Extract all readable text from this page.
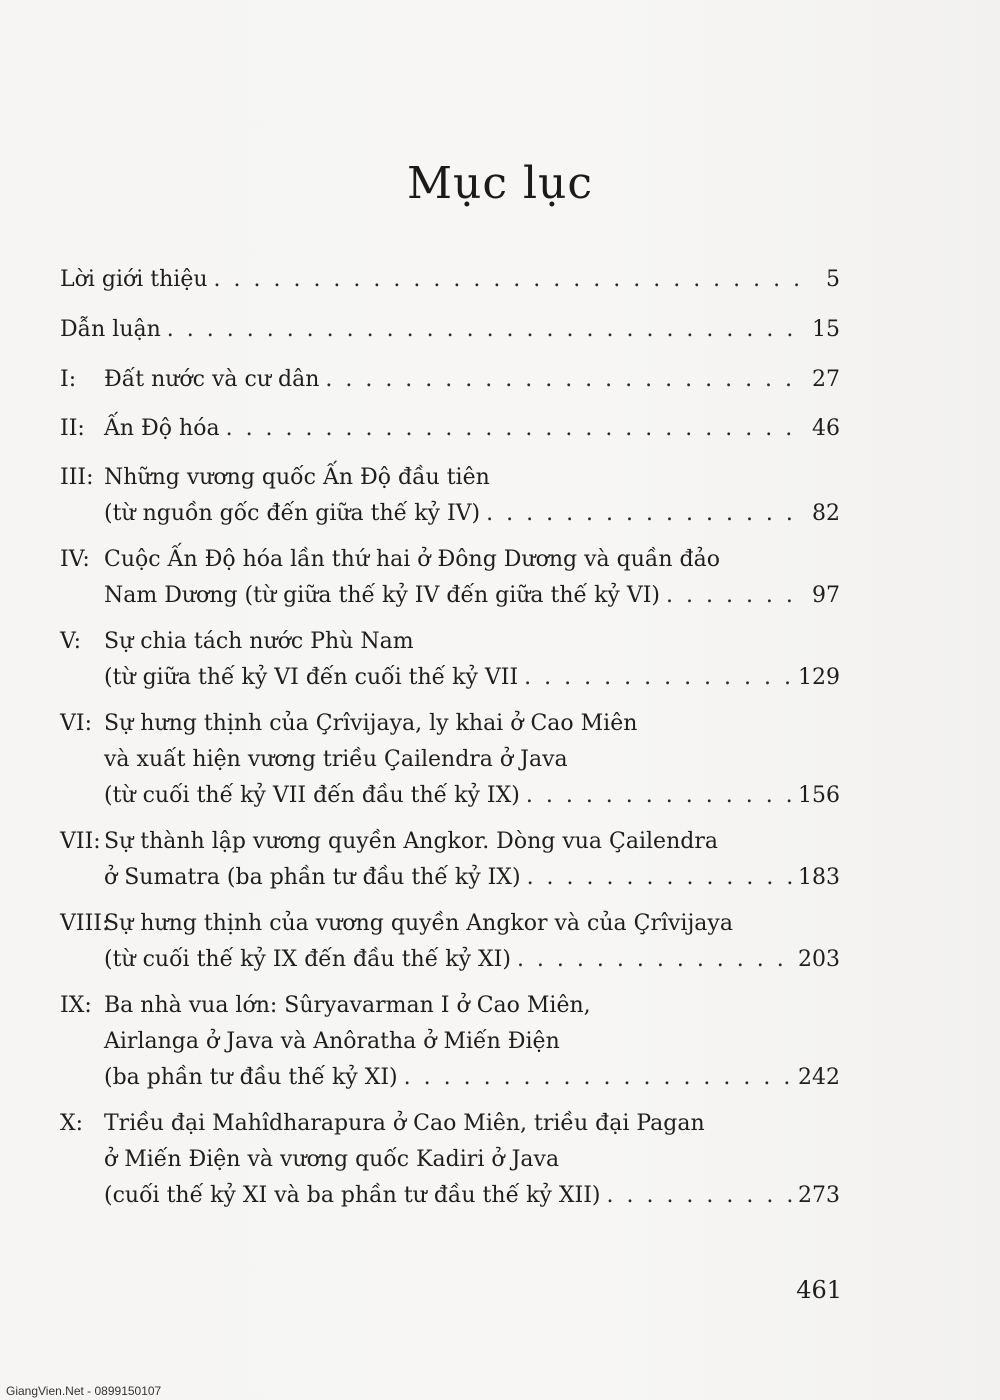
Mục lục
Lời giới thiệu . . .	5
Dẫn luận . . .	15
I:	Đất nước và cư dân . . .	27
II: Ấn Độ hóa . . .	46
III: Những vương quốc Ấn Độ đầu tiên
(từ nguồn gốc đến giữa thế kỷ IV) . . .	82
IV: Cuộc Ấn Độ hóa lần thứ hai ở Đông Dương và quần đảo
Nam Dương (từ giữa thế kỷ IV đến giữa thế kỷ VI) . . .	97
V:	Sự chia tách nước Phù Nam
(từ giữa thế kỷ VI đến cuối thế kỷ VII . . .	129
VI: Sự hưng thịnh của Çrîvijaya, ly khai ở Cao Miên
và xuất hiện vương triều Çailendra ở Java
(từ cuối thế kỷ VII đến đầu thế kỷ IX) . . .	156
VII: Sự thành lập vương quyền Angkor. Dòng vua Çailendra
ở Sumatra (ba phần tư đầu thế kỷ IX) . . .	183
VIII:
Sự hưng thịnh của vương quyền Angkor và của Çrîvijaya
(từ cuối thế kỷ IX đến đầu thế kỷ XI) . . .	203
IX: Ba nhà vua lớn: Sûryavarman I ở Cao Miên,
Airlanga ở Java và Anôratha ở Miến Điện
(ba phần tư đầu thế kỷ XI) . . .	242
X: Triều đại Mahîdharapura ở Cao Miên, triều đại Pagan
ở Miến Điện và vương quốc Kadiri ở Java
(cuối thế kỷ XI và ba phần tư đầu thế kỷ XII) . . .	273
461
GiangVien.Net - 0899150107
